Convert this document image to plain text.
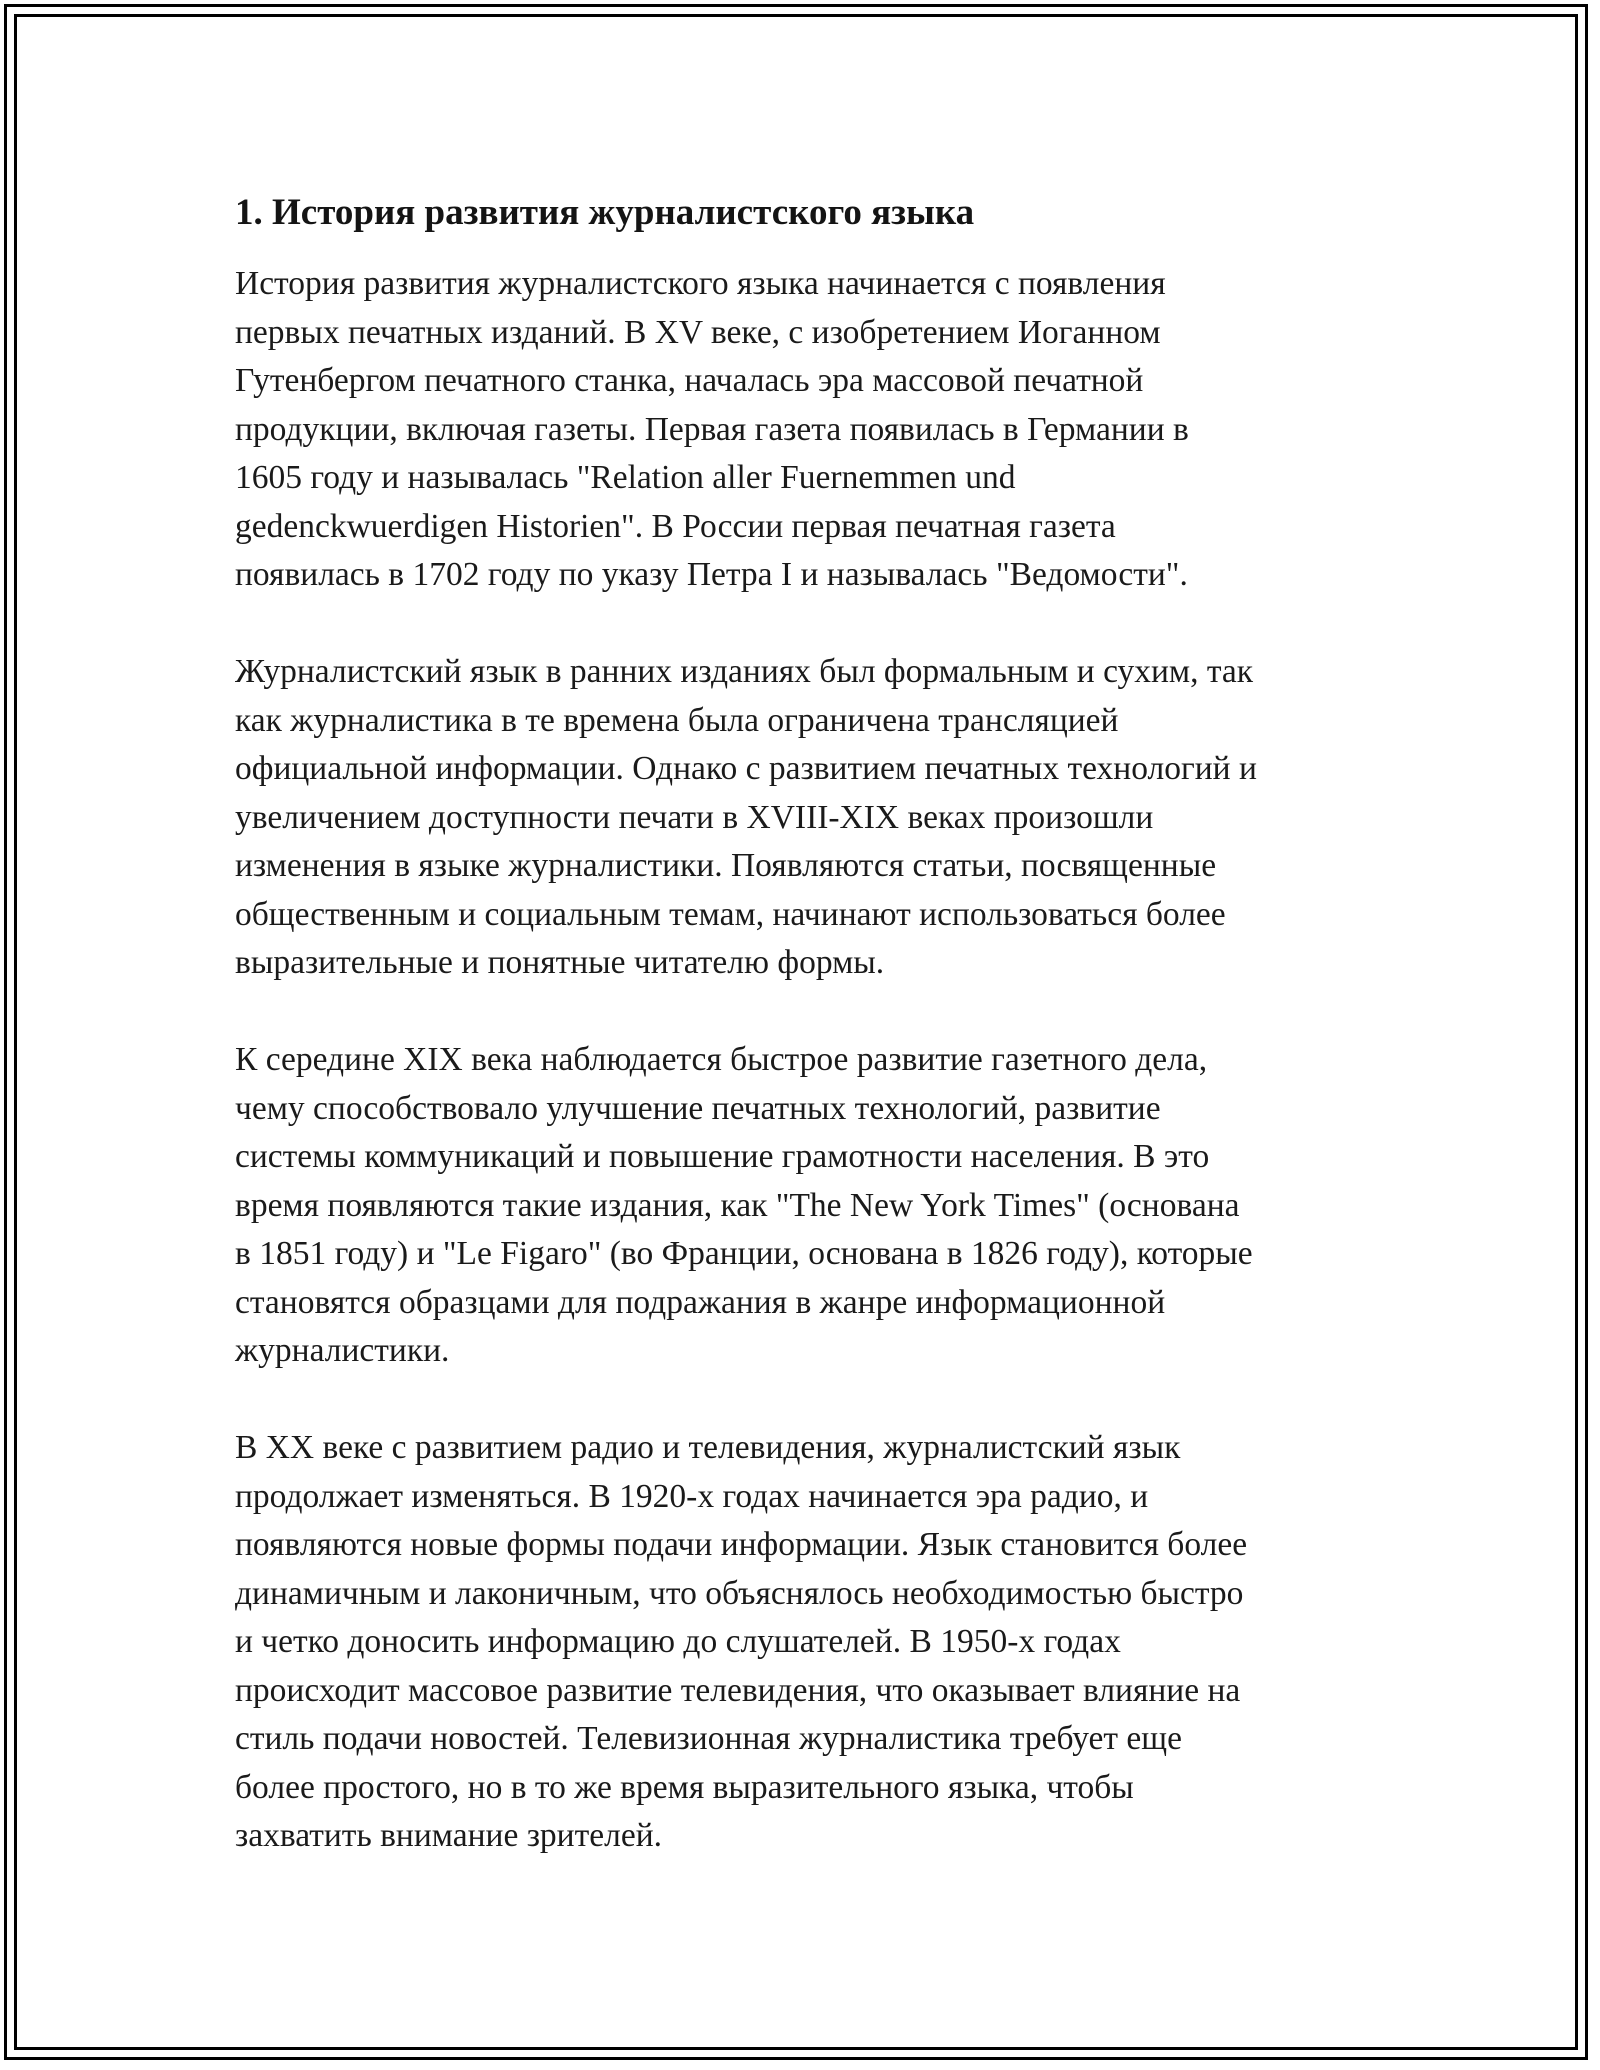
1. История развития журналистского языка

История развития журналистского языка начинается с появления
первых печатных изданий. В XV веке, с изобретением Иоганном
Гутенбергом печатного станка, началась эра массовой печатной
продукции, включая газеты. Первая газета появилась в Германии в
1605 году и называлась "Relation aller Fuernemmen und
gedenckwuerdigen Historien". В России первая печатная газета
появилась в 1702 году по указу Петра I и называлась "Ведомости".

Журналистский язык в ранних изданиях был формальным и сухим, так
как журналистика в те времена была ограничена трансляцией
официальной информации. Однако с развитием печатных технологий и
увеличением доступности печати в XVIII-XIX веках произошли
изменения в языке журналистики. Появляются статьи, посвященные
общественным и социальным темам, начинают использоваться более
выразительные и понятные читателю формы.

К середине XIX века наблюдается быстрое развитие газетного дела,
чему способствовало улучшение печатных технологий, развитие
системы коммуникаций и повышение грамотности населения. В это
время появляются такие издания, как "The New York Times" (основана
в 1851 году) и "Le Figaro" (во Франции, основана в 1826 году), которые
становятся образцами для подражания в жанре информационной
журналистики.

В XX веке с развитием радио и телевидения, журналистский язык
продолжает изменяться. В 1920-х годах начинается эра радио, и
появляются новые формы подачи информации. Язык становится более
динамичным и лаконичным, что объяснялось необходимостью быстро
и четко доносить информацию до слушателей. В 1950-х годах
происходит массовое развитие телевидения, что оказывает влияние на
стиль подачи новостей. Телевизионная журналистика требует еще
более простого, но в то же время выразительного языка, чтобы
захватить внимание зрителей.
